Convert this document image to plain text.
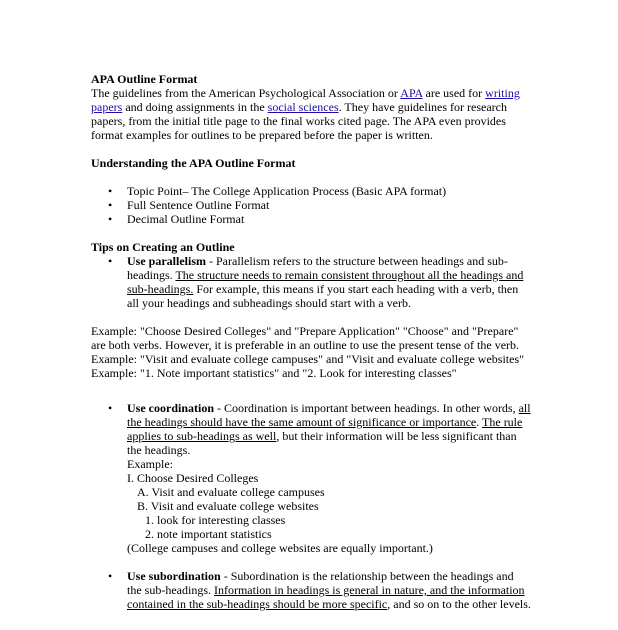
APA Outline Format

The guidelines from the American Psychological Association or APA are used for writing papers and doing assignments in the social sciences. They have guidelines for research papers, from the initial title page to the final works cited page. The APA even provides format examples for outlines to be prepared before the paper is written.

Understanding the APA Outline Format

• Topic Point– The College Application Process (Basic APA format)
• Full Sentence Outline Format
• Decimal Outline Format

Tips on Creating an Outline

• Use parallelism - Parallelism refers to the structure between headings and sub-headings. The structure needs to remain consistent throughout all the headings and sub-headings. For example, this means if you start each heading with a verb, then all your headings and subheadings should start with a verb.

Example: "Choose Desired Colleges" and "Prepare Application" "Choose" and "Prepare" are both verbs. However, it is preferable in an outline to use the present tense of the verb.

Example: "Visit and evaluate college campuses" and "Visit and evaluate college websites"

Example: "1. Note important statistics" and "2. Look for interesting classes"

• Use coordination - Coordination is important between headings. In other words, all the headings should have the same amount of significance or importance. The rule applies to sub-headings as well, but their information will be less significant than the headings.
Example:
I. Choose Desired Colleges
A. Visit and evaluate college campuses
B. Visit and evaluate college websites
1. look for interesting classes
2. note important statistics
(College campuses and college websites are equally important.)
• Use subordination - Subordination is the relationship between the headings and the sub-headings. Information in headings is general in nature, and the information contained in the sub-headings should be more specific, and so on to the other levels.
